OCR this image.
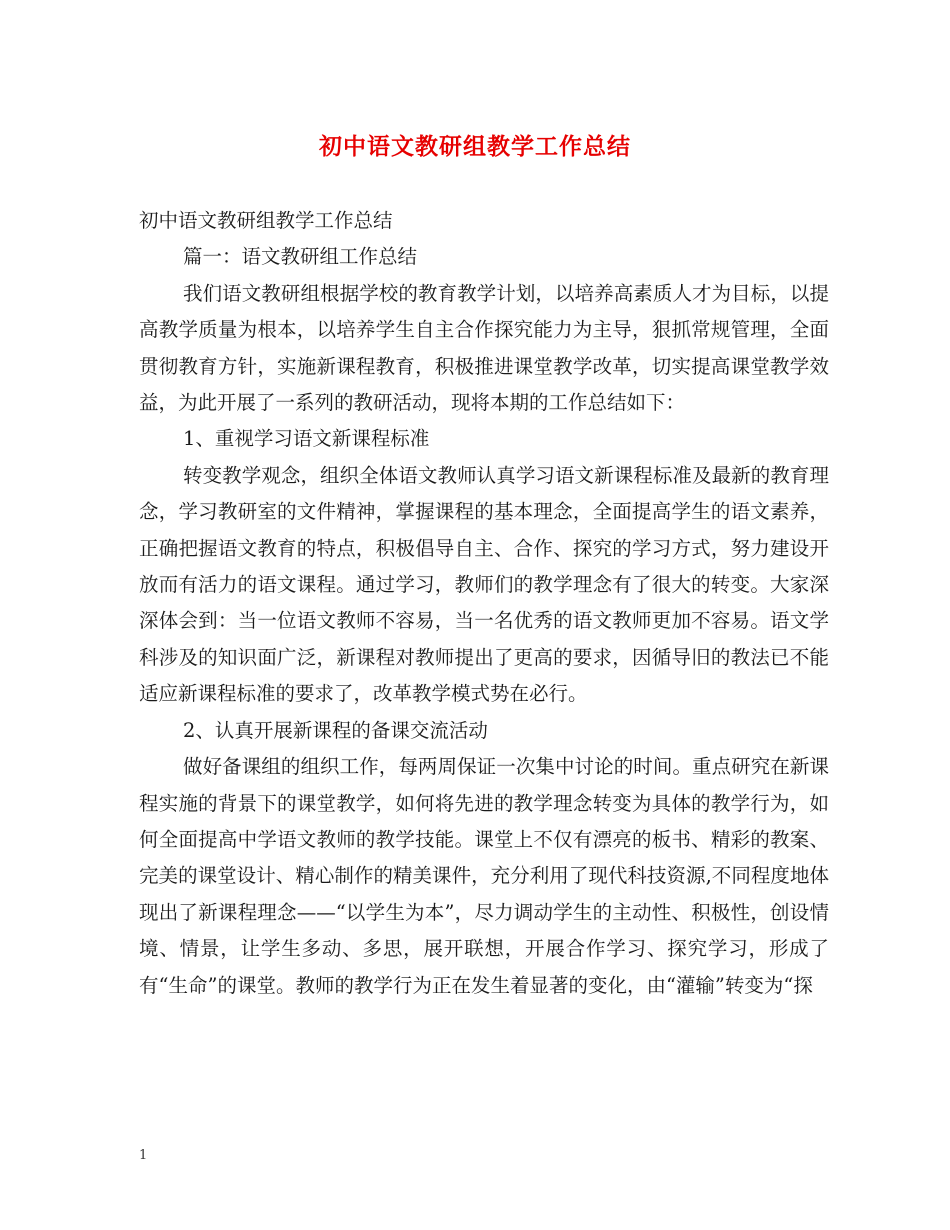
初中语文教研组教学工作总结

初中语文教研组教学工作总结

篇一：语文教研组工作总结

我们语文教研组根据学校的教育教学计划，以培养高素质人才为目标，以提高教学质量为根本，以培养学生自主合作探究能力为主导，狠抓常规管理，全面贯彻教育方针，实施新课程教育，积极推进课堂教学改革，切实提高课堂教学效益，为此开展了一系列的教研活动，现将本期的工作总结如下：

1、重视学习语文新课程标准

转变教学观念，组织全体语文教师认真学习语文新课程标准及最新的教育理念，学习教研室的文件精神，掌握课程的基本理念，全面提高学生的语文素养，正确把握语文教育的特点，积极倡导自主、合作、探究的学习方式，努力建设开放而有活力的语文课程。通过学习，教师们的教学理念有了很大的转变。大家深深体会到：当一位语文教师不容易，当一名优秀的语文教师更加不容易。语文学科涉及的知识面广泛，新课程对教师提出了更高的要求，因循导旧的教法已不能适应新课程标准的要求了，改革教学模式势在必行。

2、认真开展新课程的备课交流活动

做好备课组的组织工作，每两周保证一次集中讨论的时间。重点研究在新课程实施的背景下的课堂教学，如何将先进的教学理念转变为具体的教学行为，如何全面提高中学语文教师的教学技能。课堂上不仅有漂亮的板书、精彩的教案、完美的课堂设计、精心制作的精美课件，充分利用了现代科技资源,不同程度地体现出了新课程理念——“以学生为本”，尽力调动学生的主动性、积极性，创设情境、情景，让学生多动、多思，展开联想，开展合作学习、探究学习，形成了有“生命”的课堂。教师的教学行为正在发生着显著的变化，由“灌输”转变为“探

1
